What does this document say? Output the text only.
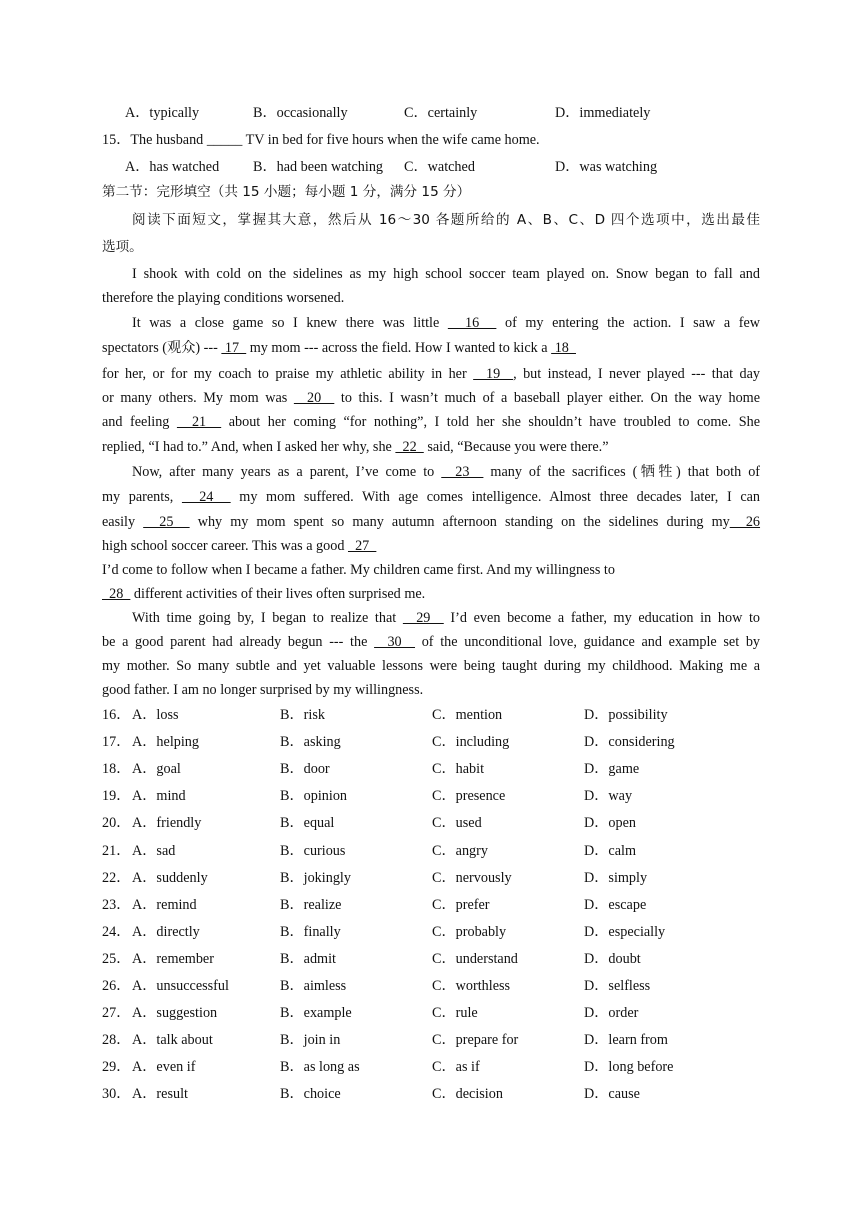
A．typically	B．occasionally	C．certainly	D．immediately
15．The husband _____ TV in bed for five hours when the wife came home.
A．has watched B．had been watching C．watched	D．was watching
第二节：完形填空（共 15 小题；每小题 1 分，满分 15 分）
阅读下面短文，掌握其大意，然后从 16～30 各题所给的 A、B、C、D 四个选项中，选出最佳
选项。
I shook with cold on the sidelines as my high school soccer team played on. Snow began to fall and
therefore the playing conditions worsened.
It was a close game so I knew there was little   16   of my entering the action. I saw a few
spectators (观众) ---  17   my mom --- across the field. How I wanted to kick a  18
for her, or for my coach to praise my athletic ability in her   19  , but instead, I never played --- that day
or many others. My mom was   20   to this. I wasn’t much of a baseball player either. On the way home
and feeling   21   about her coming “for nothing”, I told her she shouldn’t have troubled to come. She
replied, “I had to.” And, when I asked her why, she   22   said, “Because you were there.”
Now, after many years as a parent, I’ve come to   23   many of the sacrifices (牺牲) that both of
my parents,   24   my mom suffered. With age comes intelligence. Almost three decades later, I can
easily   25   why my mom spent so many autumn afternoon standing on the sidelines during my  26
high school soccer career. This was a good   27
I’d come to follow when I became a father. My children came first. And my willingness to
28   different activities of their lives often surprised me.
With time going by, I began to realize that   29   I’d even become a father, my education in how to
be a good parent had already begun --- the   30   of the unconditional love, guidance and example set by
my mother. So many subtle and yet valuable lessons were being taught during my childhood. Making me a
good father. I am no longer surprised by my willingness.
16． A．loss	B．risk	C．mention	D．possibility
17． A．helping	B．asking	C．including	D．considering
18． A．goal	B．door	C．habit	D．game
19． A．mind	B．opinion	C．presence	D．way
20． A．friendly	B．equal	C．used	D．open
21． A．sad	B．curious	C．angry	D．calm
22． A．suddenly	B．jokingly	C．nervously	D．simply
23． A．remind	B．realize	C．prefer	D．escape
24． A．directly	B．finally	C．probably	D．especially
25． A．remember	B．admit	C．understand	D．doubt
26． A．unsuccessful	B．aimless	C．worthless	D．selfless
27． A．suggestion	B．example	C．rule	D．order
28． A．talk about	B．join in	C．prepare for	D．learn from
29． A．even if	B．as long as	C．as if	D．long before
30． A．result	B．choice	C．decision	D．cause
